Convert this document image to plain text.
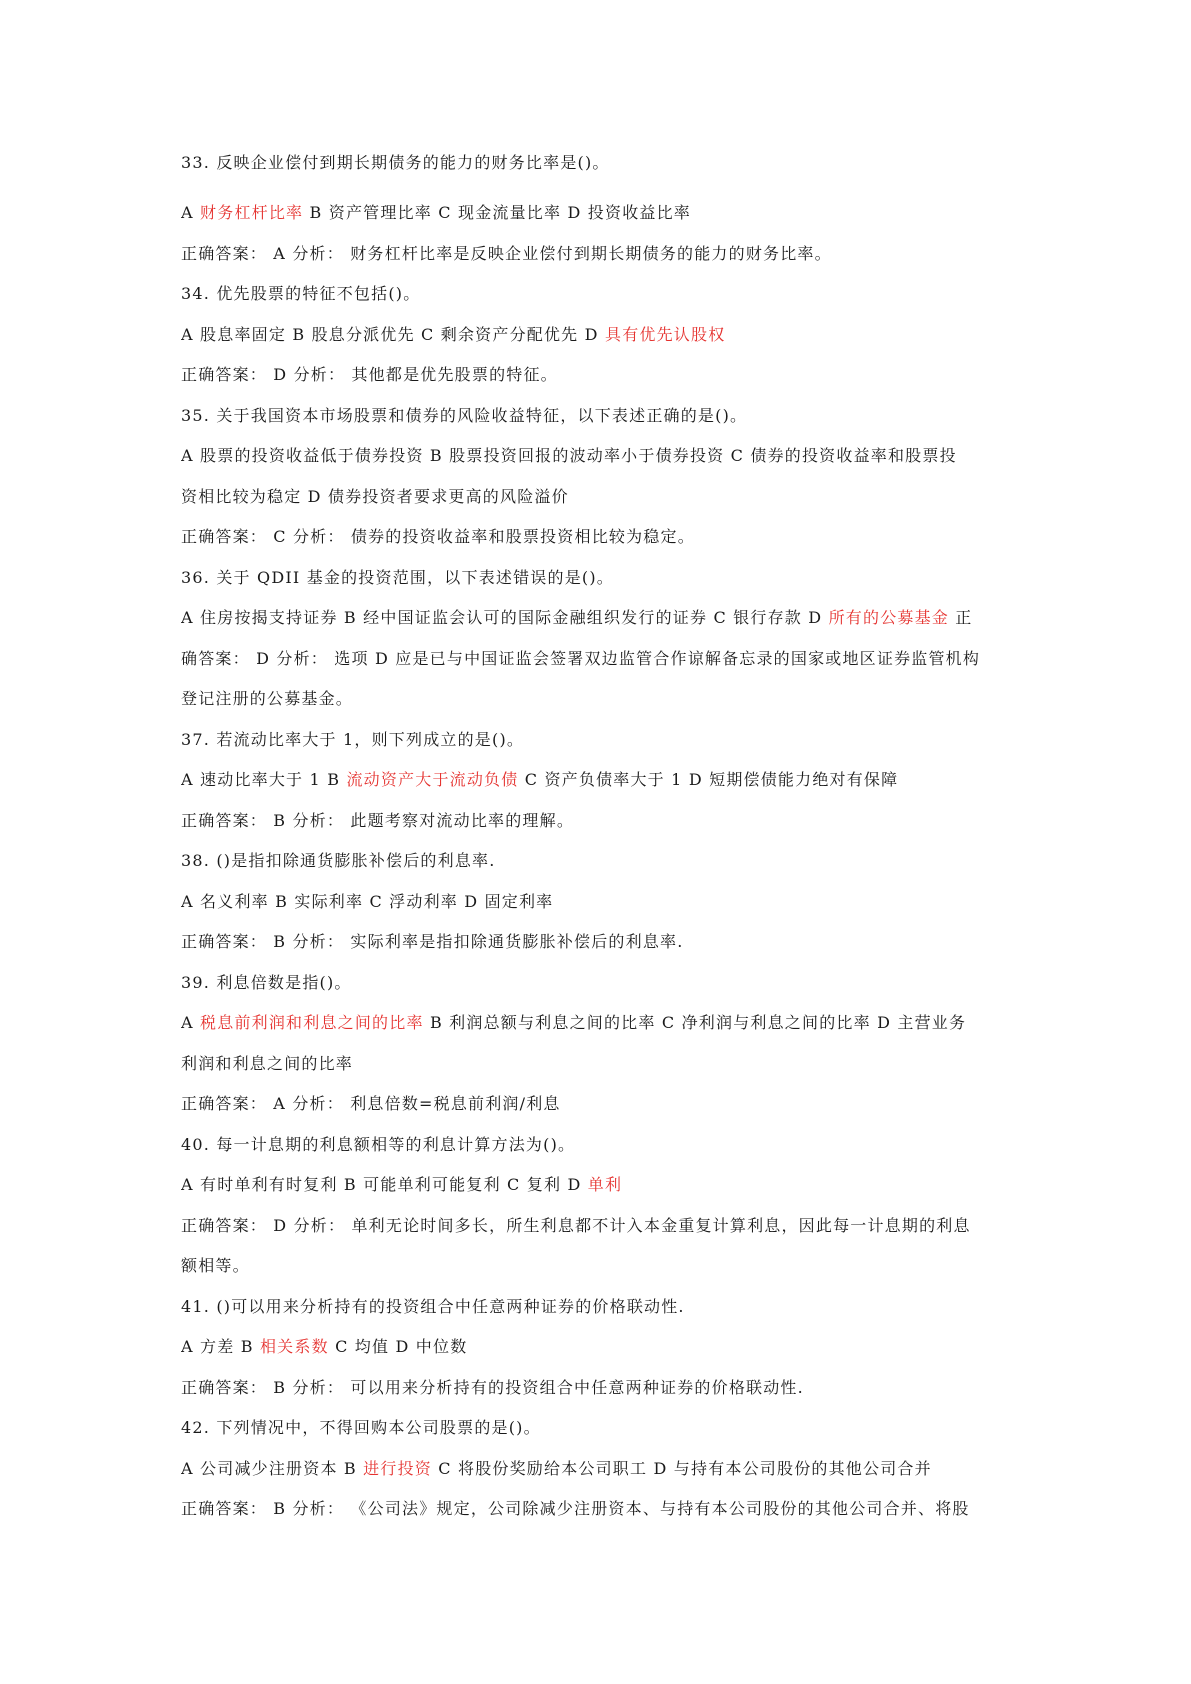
33. 反映企业偿付到期长期债务的能力的财务比率是()。
A 财务杠杆比率 B 资产管理比率 C 现金流量比率 D 投资收益比率
正确答案： A 分析： 财务杠杆比率是反映企业偿付到期长期债务的能力的财务比率。
34. 优先股票的特征不包括()。
A 股息率固定 B 股息分派优先 C 剩余资产分配优先 D 具有优先认股权
正确答案： D 分析： 其他都是优先股票的特征。
35. 关于我国资本市场股票和债券的风险收益特征，以下表述正确的是()。
A 股票的投资收益低于债券投资 B 股票投资回报的波动率小于债券投资 C 债券的投资收益率和股票投
资相比较为稳定 D 债券投资者要求更高的风险溢价
正确答案： C 分析： 债券的投资收益率和股票投资相比较为稳定。
36. 关于 QDII 基金的投资范围，以下表述错误的是()。
A 住房按揭支持证券 B 经中国证监会认可的国际金融组织发行的证券 C 银行存款 D 所有的公募基金 正
确答案： D 分析： 选项 D 应是已与中国证监会签署双边监管合作谅解备忘录的国家或地区证券监管机构
登记注册的公募基金。
37. 若流动比率大于 1，则下列成立的是()。
A 速动比率大于 1 B 流动资产大于流动负债 C 资产负债率大于 1 D 短期偿债能力绝对有保障
正确答案： B 分析： 此题考察对流动比率的理解。
38. ()是指扣除通货膨胀补偿后的利息率.
A 名义利率 B 实际利率 C 浮动利率 D 固定利率
正确答案： B 分析： 实际利率是指扣除通货膨胀补偿后的利息率.
39. 利息倍数是指()。
A 税息前利润和利息之间的比率 B 利润总额与利息之间的比率 C 净利润与利息之间的比率 D 主营业务
利润和利息之间的比率
正确答案： A 分析： 利息倍数=税息前利润/利息
40. 每一计息期的利息额相等的利息计算方法为()。
A 有时单利有时复利 B 可能单利可能复利 C 复利 D 单利
正确答案： D 分析： 单利无论时间多长，所生利息都不计入本金重复计算利息，因此每一计息期的利息
额相等。
41. ()可以用来分析持有的投资组合中任意两种证券的价格联动性.
A 方差 B 相关系数 C 均值 D 中位数
正确答案： B 分析： 可以用来分析持有的投资组合中任意两种证券的价格联动性.
42. 下列情况中，不得回购本公司股票的是()。
A 公司减少注册资本 B 进行投资 C 将股份奖励给本公司职工 D 与持有本公司股份的其他公司合并
正确答案： B 分析： 《公司法》规定，公司除减少注册资本、与持有本公司股份的其他公司合并、将股
